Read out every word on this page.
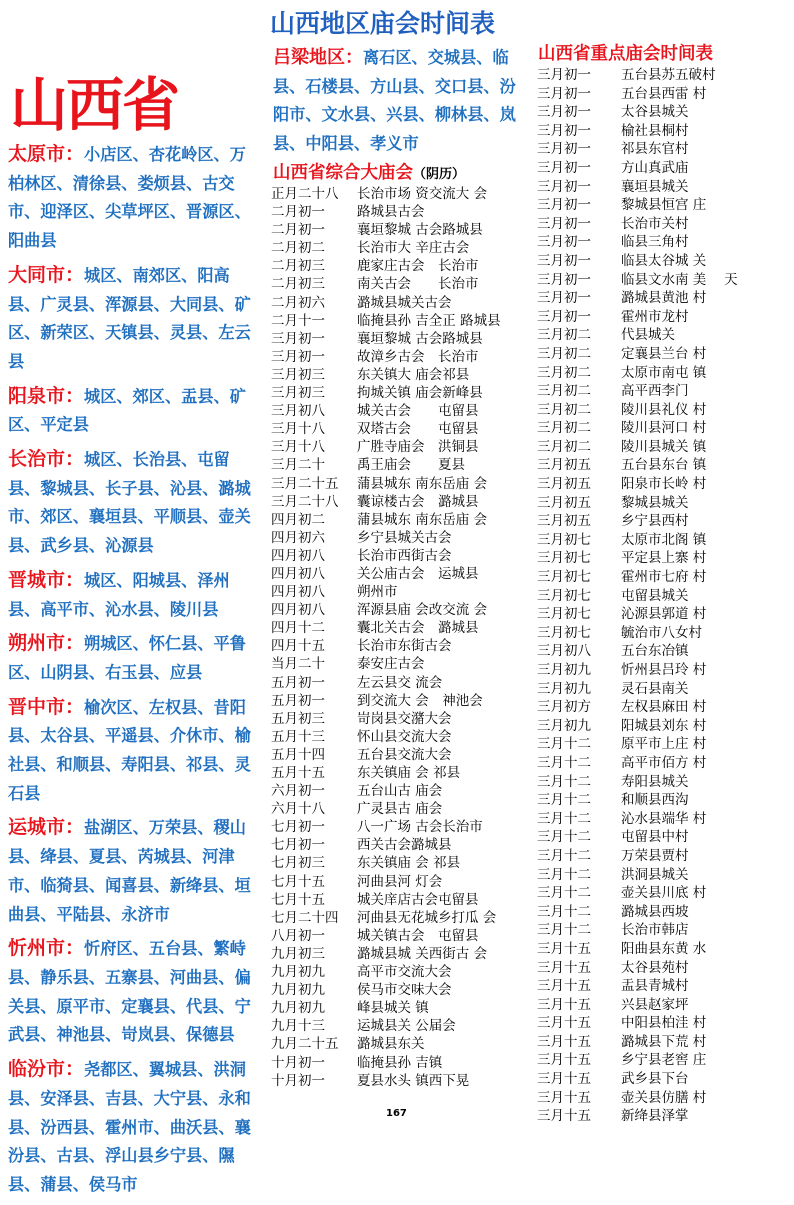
山西地区庙会时间表
山西省
太原市：小店区、杏花岭区、万柏林区、清徐县、娄烦县、古交市、迎泽区、尖草坪区、晋源区、阳曲县
大同市：城区、南郊区、阳高县、广灵县、浑源县、大同县、矿区、新荣区、天镇县、灵县、左云县
阳泉市：城区、郊区、盂县、矿区、平定县
长治市：城区、长治县、屯留县、黎城县、长子县、沁县、潞城市、郊区、襄垣县、平顺县、壶关县、武乡县、沁源县
晋城市：城区、阳城县、泽州县、高平市、沁水县、陵川县
朔州市：朔城区、怀仁县、平鲁区、山阴县、右玉县、应县
晋中市：榆次区、左权县、昔阳县、太谷县、平遥县、介休市、榆社县、和顺县、寿阳县、祁县、灵石县
运城市：盐湖区、万荣县、稷山县、绛县、夏县、芮城县、河津市、临猗县、闻喜县、新绛县、垣曲县、平陆县、永济市
忻州市：忻府区、五台县、繁峙县、静乐县、五寨县、河曲县、偏关县、原平市、定襄县、代县、宁武县、神池县、岢岚县、保德县
临汾市：尧都区、翼城县、洪洞县、安泽县、吉县、大宁县、永和县、汾西县、霍州市、曲沃县、襄汾县、古县、浮山县乡宁县、隰县、蒲县、侯马市
吕梁地区：离石区、交城县、临县、石楼县、方山县、交口县、汾阳市、文水县、兴县、柳林县、岚县、中阳县、孝义市
山西省综合大庙会（阴历）
正月二十八	长治市场 资交流大 会
二月初一	路城县古会
二月初一	襄垣黎城 古会路城县
二月初二	长治市大 辛庄古会
二月初三	鹿家庄古会　长治市
二月初三	南关古会　　长治市
二月初六	潞城县城关古会
二月十一	临掩县孙 吉全正 路城县
三月初一	襄垣黎城 古会路城县
三月初一	故漳乡古会　长治市
三月初三	东关镇大 庙会祁县
三月初三	拘城关镇 庙会新峰县
三月初八	城关古会　　屯留县
三月十八	双塔古会　　屯留县
三月十八	广胜寺庙会　洪铜县
三月二十	禹王庙会　　夏县
三月二十五	蒲县城东 南东岳庙 会
三月二十八	囊谅楼古会　潞城县
四月初二	蒲县城东 南东岳庙 会
四月初六	乡宁县城关古会
四月初八	长治市西街古会
四月初八	关公庙古会　运城县
四月初八	朔州市
四月初八	浑源县庙 会改交流 会
四月十二	囊北关古会　潞城县
四月十五	长治市东街古会
当月二十	泰安庄古会
五月初一	左云县交 流会
五月初一	到交流大 会　神池会
五月初三	岢岗县交潴大会
五月十三	怀山县交流大会
五月十四	五台县交流大会
五月十五	东关镇庙 会 祁县
六月初一	五台山古 庙会
六月十八	广灵县古 庙会
七月初一	八一广场 古会长治市
七月初一	西关古会潞城县
七月初三	东关镇庙 会 祁县
七月十五	河曲县河 灯会
七月十五	城关庠店古会屯留县
七月二十四	河曲县无花城乡打瓜 会
八月初一	城关镇古会　屯留县
九月初三	潞城县城 关西街古 会
九月初九	高平市交流大会
九月初九	侯马市交味大会
九月初九	峰县城关 镇
九月十三	运城县关 公届会
九月二十五	潞城县东关
十月初一	临掩县孙 吉镇
十月初一	夏县水头 镇西下晃
山西省重点庙会时间表
三月初一	五台县苏五破村
三月初一	五台县西雷 村
三月初一	太谷县城关
三月初一	榆社县桐村
三月初一	祁县东官村
三月初一	方山真武庙
三月初一	襄垣县城关
三月初一	黎城县恒宫 庄
三月初一	长治市关村
三月初一	临县三角村
三月初一	临县太谷城 关
三月初一	临县文水南 美　 天
三月初一	潞城县黄池 村
三月初一	霍州市龙村
三月初二	代县城关
三月初二	定襄县兰台 村
三月初二	太原市南屯 镇
三月初二	高平西李门
三月初二	陵川县礼仪 村
三月初二	陵川县河口 村
三月初二	陵川县城关 镇
三月初五	五台县东台 镇
三月初五	阳泉市长岭 村
三月初五	黎城县城关
三月初五	乡宁县西村
三月初七	太原市北阁 镇
三月初七	平定县上寨 村
三月初七	霍州市七府 村
三月初七	屯留县城关
三月初七	沁源县郭道 村
三月初七	毓治市八女村
三月初八	五台东冶镇
三月初九	忻州县吕玲 村
三月初九	灵石县南关
三月初方	左权县麻田 村
三月初九	阳城县刘东 村
三月十二	原平市上庄 村
三月十二	高平市佰方 村
三月十二	寿阳县城关
三月十二	和顺县西沟
三月十二	沁水县端华 村
三月十二	屯留县中村
三月十二	万荣县贾村
三月十二	洪洞县城关
三月十二	壶关县川底 村
三月十二	潞城县西坡
三月十二	长治市韩店
三月十五	阳曲县东黄 水
三月十五	太谷县苑村
三月十五	盂县青城村
三月十五	兴县赵家坪
三月十五	中阳县柏洼 村
三月十五	潞城县下荒 村
三月十五	乡宁县老窖 庄
三月十五	武乡县下台
三月十五	壶关县仿膳 村
三月十五	新绛县泽掌
167
